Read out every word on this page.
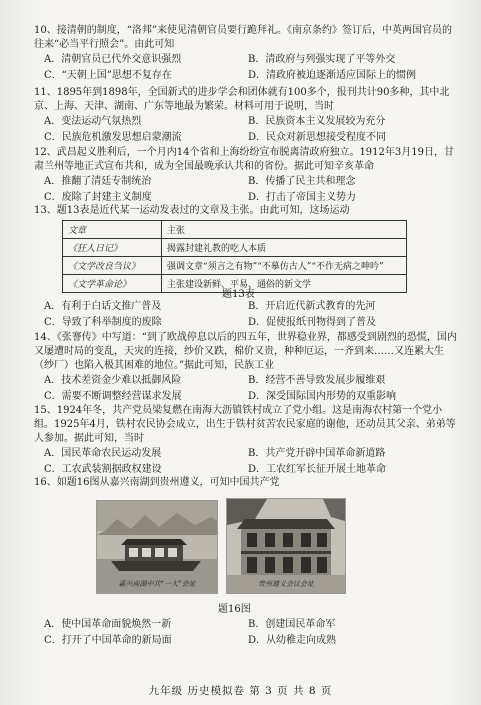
10、接清朝的制度，“洛邦”来使见清朝官员要行跪拜礼。《南京条约》签订后，中英两国官员的往来“必当平行照会”。由此可知

A．清朝官员已代外交意识强烈	B．清政府与列强实现了平等外交
C．“天朝上国”思想不复存在	D．清政府被迫逐渐适应国际上的惯例

11、1895年到1898年，全国新式的进步学会和团体就有100多个，报刊共计90多种，其中北京、上海、天津、湖南、广东等地最为繁荣。材料可用于说明，当时

A．变法运动气氛热烈	B．民族资本主义发展较为充分
C．民族危机激发思想启蒙潮流	D．民众对新思想接受程度不同

12、武昌起义胜利后，一个月内14个省和上海纷纷宣布脱离清政府独立。1912年3月19日，甘肃兰州等地正式宣布共和，成为全国最晚承认共和的省份。据此可知辛亥革命

A．推翻了清廷专制统治	B．传播了民主共和理念
C．废除了封建主义制度	D．打击了帝国主义势力

13、题13表是近代某一运动发表过的文章及主张。由此可知，这场运动

文章	主张
《狂人日记》	揭露封建礼教的吃人本质
《文学改良刍议》	强调文章“须言之有物”“不摹仿古人”“不作无病之呻吟”
《文学革命论》	主张建设新鲜、平易、通俗的新文学
题13表
A．有利于白话文推广普及	B．开启近代新式教育的先河
C．导致了科举制度的废除	D．促使报纸刊物得到了普及

14、《张謇传》中写道：“到了欧战停息以后的四五年，世界稳业界，都感受到剧烈的恐慌，国内又屡遭时局的变乱，天灾的连接，纱价又跌，棉价又贵，种种厄运，一齐到来……又连累大生（纱厂）也陷入极其困难的地位。”据此可知，民族工业

A．技术差资金少难以抵御风险	B．经营不善导致发展步履维艰
C．需要不断调整经营谋求发展	D．深受国际国内形势的双重影响

15、1924年冬，共产党员梁复燃在南海大沥镇铁村成立了党小组。这是南海农村第一个党小组。1925年4月，铁村农民协会成立，出生于铁村贫苦农民家庭的谢他，还动员其父亲、弟弟等人参加。据此可知，当时

A．国民革命农民运动发展	B．共产党开辟中国革命新道路
C．工农武装割据政权建设	D．工农红军长征开展土地革命

16、如题16图从嘉兴南湖到贵州遵义，可知中国共产党

嘉兴南湖中共“一大”会址	贵州遵义会议会址
题16图
A．使中国革命面貌焕然一新	B．创建国民革命军
C．打开了中国革命的新局面	D．从幼稚走向成熟
九年级 历史模拟卷 第 3 页 共 8 页
